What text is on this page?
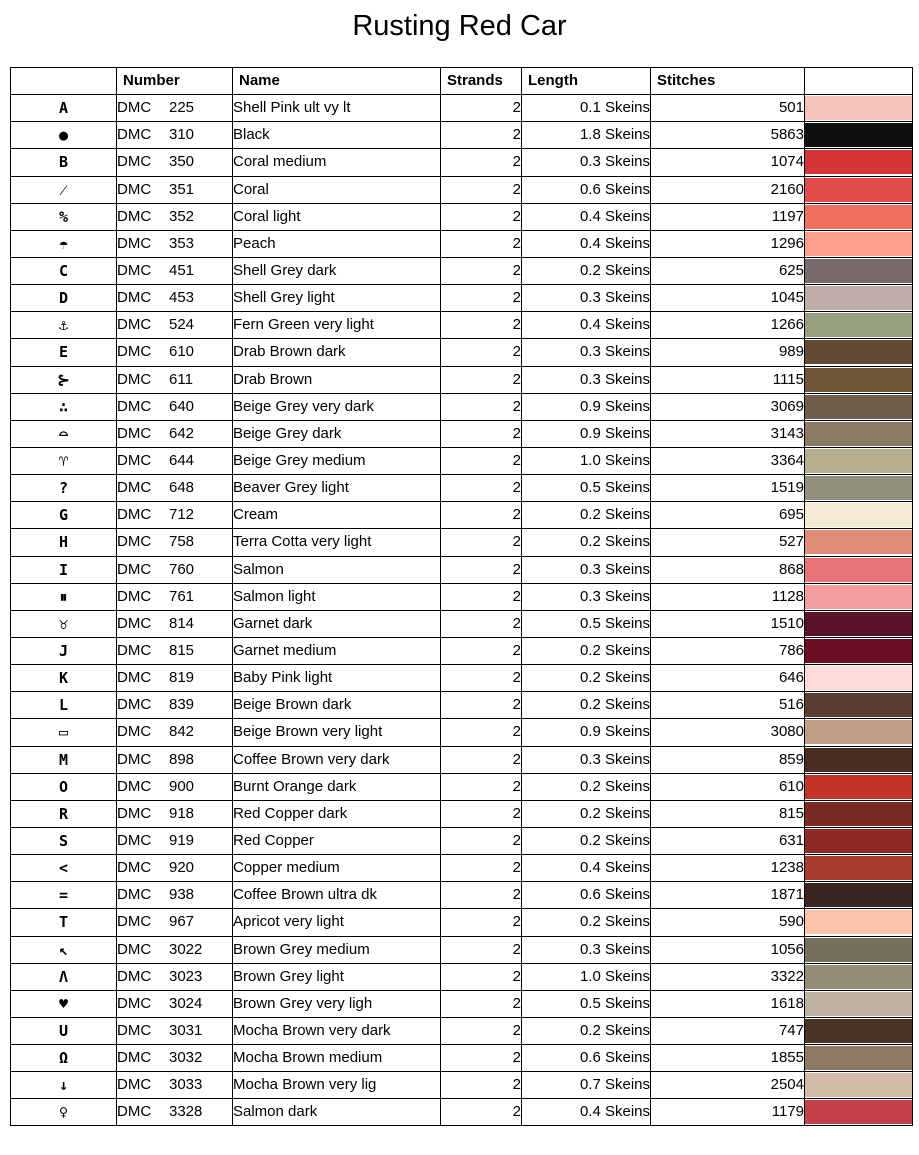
Rusting Red Car
	Number	Name	Strands	Length	Stitches	
A	DMC 225	Shell Pink ult vy lt	2	0.1 Skeins	501	

●	DMC 310	Black	2	1.8 Skeins	5863	

B	DMC 350	Coral medium	2	0.3 Skeins	1074	

⁄	DMC 351	Coral	2	0.6 Skeins	2160	

%	DMC 352	Coral light	2	0.4 Skeins	1197	

☂	DMC 353	Peach	2	0.4 Skeins	1296	

C	DMC 451	Shell Grey dark	2	0.2 Skeins	625	

D	DMC 453	Shell Grey light	2	0.3 Skeins	1045	

⚓	DMC 524	Fern Green very light	2	0.4 Skeins	1266	

E	DMC 610	Drab Brown dark	2	0.3 Skeins	989	

⊱	DMC 611	Drab Brown	2	0.3 Skeins	1115	

∴	DMC 640	Beige Grey very dark	2	0.9 Skeins	3069	

⌓	DMC 642	Beige Grey dark	2	0.9 Skeins	3143	

♈	DMC 644	Beige Grey medium	2	1.0 Skeins	3364	

?	DMC 648	Beaver Grey light	2	0.5 Skeins	1519	

G	DMC 712	Cream	2	0.2 Skeins	695	

H	DMC 758	Terra Cotta very light	2	0.2 Skeins	527	

I	DMC 760	Salmon	2	0.3 Skeins	868	

⏸	DMC 761	Salmon light	2	0.3 Skeins	1128	

♉	DMC 814	Garnet dark	2	0.5 Skeins	1510	

J	DMC 815	Garnet medium	2	0.2 Skeins	786	

K	DMC 819	Baby Pink light	2	0.2 Skeins	646	

L	DMC 839	Beige Brown dark	2	0.2 Skeins	516	

▭	DMC 842	Beige Brown very light	2	0.9 Skeins	3080	

M	DMC 898	Coffee Brown very dark	2	0.3 Skeins	859	

O	DMC 900	Burnt Orange dark	2	0.2 Skeins	610	

R	DMC 918	Red Copper dark	2	0.2 Skeins	815	

S	DMC 919	Red Copper	2	0.2 Skeins	631	

<	DMC 920	Copper medium	2	0.4 Skeins	1238	

=	DMC 938	Coffee Brown ultra dk	2	0.6 Skeins	1871	

T	DMC 967	Apricot very light	2	0.2 Skeins	590	

↖	DMC 3022	Brown Grey medium	2	0.3 Skeins	1056	

Λ	DMC 3023	Brown Grey light	2	1.0 Skeins	3322	

♥	DMC 3024	Brown Grey very ligh	2	0.5 Skeins	1618	

U	DMC 3031	Mocha Brown very dark	2	0.2 Skeins	747	

Ω	DMC 3032	Mocha Brown medium	2	0.6 Skeins	1855	

↓	DMC 3033	Mocha Brown very lig	2	0.7 Skeins	2504	

♀	DMC 3328	Salmon dark	2	0.4 Skeins	1179	
